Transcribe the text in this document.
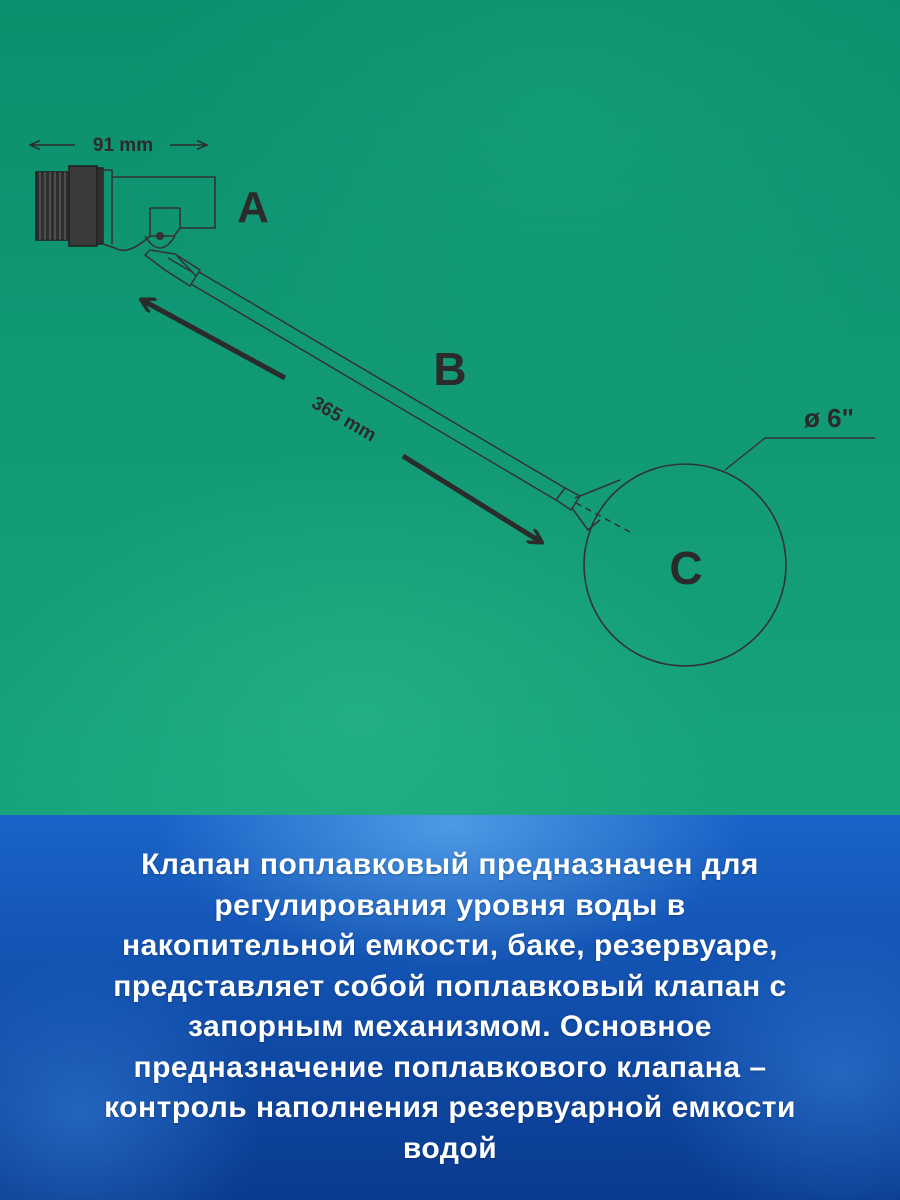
91 mm
A
B
365 mm
C
ø 6"

Клапан поплавковый предназначен для
регулирования уровня воды в
накопительной емкости, баке, резервуаре,
представляет собой поплавковый клапан с
запорным механизмом. Основное
предназначение поплавкового клапана –
контроль наполнения резервуарной емкости
водой
